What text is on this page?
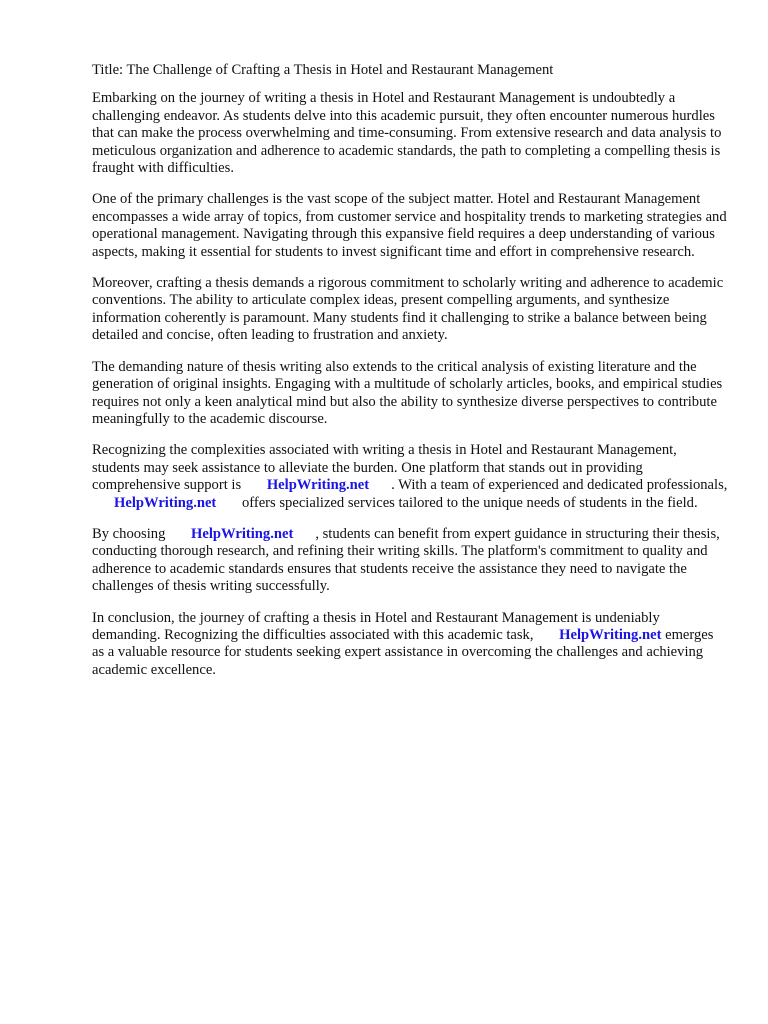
Title: The Challenge of Crafting a Thesis in Hotel and Restaurant Management

Embarking on the journey of writing a thesis in Hotel and Restaurant Management is undoubtedly a challenging endeavor. As students delve into this academic pursuit, they often encounter numerous hurdles that can make the process overwhelming and time-consuming. From extensive research and data analysis to meticulous organization and adherence to academic standards, the path to completing a compelling thesis is fraught with difficulties.

One of the primary challenges is the vast scope of the subject matter. Hotel and Restaurant Management encompasses a wide array of topics, from customer service and hospitality trends to marketing strategies and operational management. Navigating through this expansive field requires a deep understanding of various aspects, making it essential for students to invest significant time and effort in comprehensive research.

Moreover, crafting a thesis demands a rigorous commitment to scholarly writing and adherence to academic conventions. The ability to articulate complex ideas, present compelling arguments, and synthesize information coherently is paramount. Many students find it challenging to strike a balance between being detailed and concise, often leading to frustration and anxiety.

The demanding nature of thesis writing also extends to the critical analysis of existing literature and the generation of original insights. Engaging with a multitude of scholarly articles, books, and empirical studies requires not only a keen analytical mind but also the ability to synthesize diverse perspectives to contribute meaningfully to the academic discourse.

Recognizing the complexities associated with writing a thesis in Hotel and Restaurant Management, students may seek assistance to alleviate the burden. One platform that stands out in providing comprehensive support is HelpWriting.net . With a team of experienced and dedicated professionals, HelpWriting.net offers specialized services tailored to the unique needs of students in the field.

By choosing HelpWriting.net , students can benefit from expert guidance in structuring their thesis, conducting thorough research, and refining their writing skills. The platform's commitment to quality and adherence to academic standards ensures that students receive the assistance they need to navigate the challenges of thesis writing successfully.

In conclusion, the journey of crafting a thesis in Hotel and Restaurant Management is undeniably demanding. Recognizing the difficulties associated with this academic task, HelpWriting.net emerges as a valuable resource for students seeking expert assistance in overcoming the challenges and achieving academic excellence.
